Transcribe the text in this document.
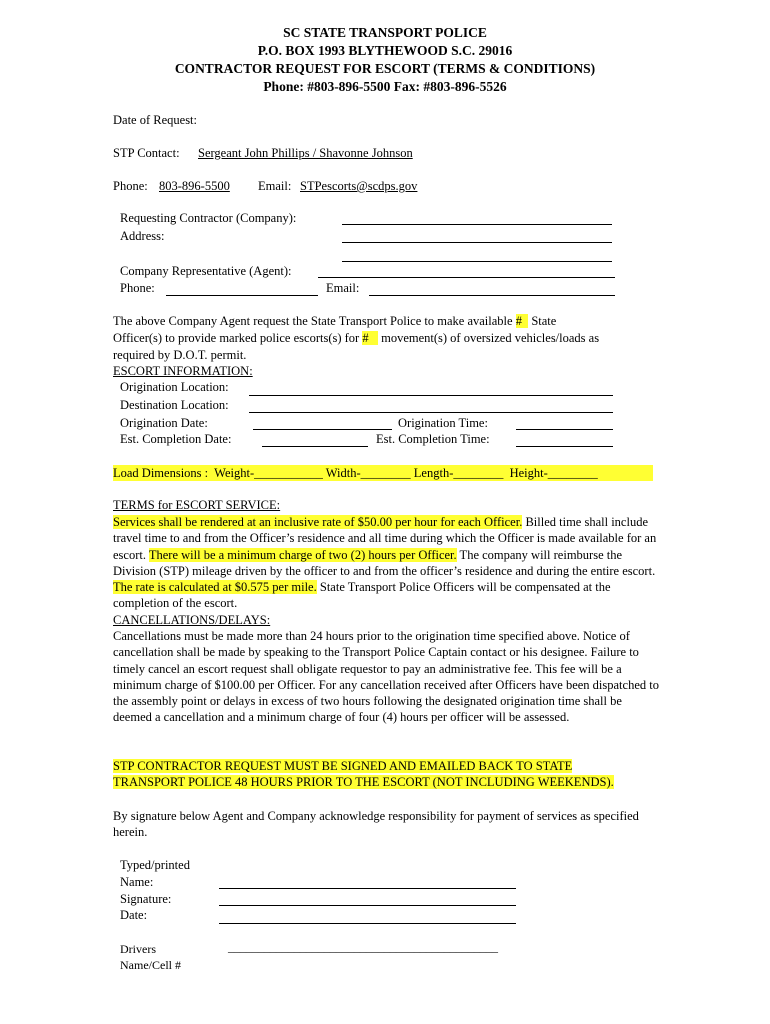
SC STATE TRANSPORT POLICE
P.O. BOX 1993 BLYTHEWOOD S.C. 29016
CONTRACTOR REQUEST FOR ESCORT (TERMS & CONDITIONS)
Phone: #803-896-5500 Fax: #803-896-5526
Date of Request:
STP Contact: Sergeant John Phillips / Shavonne Johnson
Phone: 803-896-5500 Email: STPescorts@scdps.gov
Requesting Contractor (Company):
Address:
Company Representative (Agent):
Phone:	Email:
The above Company Agent request the State Transport Police to make available # State
Officer(s) to provide marked police escorts(s) for # movement(s) of oversized vehicles/loads as
required by D.O.T. permit.
ESCORT INFORMATION:
Origination Location:
Destination Location:
Origination Date:	Origination Time:
Est. Completion Date:	Est. Completion Time:
Load Dimensions :  Weight-___________ Width-________ Length-________  Height-________
TERMS for ESCORT SERVICE:
Services shall be rendered at an inclusive rate of $50.00 per hour for each Officer. Billed time shall include travel time to and from the Officer’s residence and all time during which the Officer is made available for an escort. There will be a minimum charge of two (2) hours per Officer. The company will reimburse the Division (STP) mileage driven by the officer to and from the officer’s residence and during the entire escort. The rate is calculated at $0.575 per mile. State Transport Police Officers will be compensated at the completion of the escort.
CANCELLATIONS/DELAYS:
Cancellations must be made more than 24 hours prior to the origination time specified above. Notice of cancellation shall be made by speaking to the Transport Police Captain contact or his designee. Failure to timely cancel an escort request shall obligate requestor to pay an administrative fee. This fee will be a minimum charge of $100.00 per Officer. For any cancellation received after Officers have been dispatched to the assembly point or delays in excess of two hours following the designated origination time shall be deemed a cancellation and a minimum charge of four (4) hours per officer will be assessed.
STP CONTRACTOR REQUEST MUST BE SIGNED AND EMAILED BACK TO STATE TRANSPORT POLICE 48 HOURS PRIOR TO THE ESCORT (NOT INCLUDING WEEKENDS).
By signature below Agent and Company acknowledge responsibility for payment of services as specified herein.
Typed/printed
Name:
Signature:
Date:
Drivers	_____________________________________________
Name/Cell #
